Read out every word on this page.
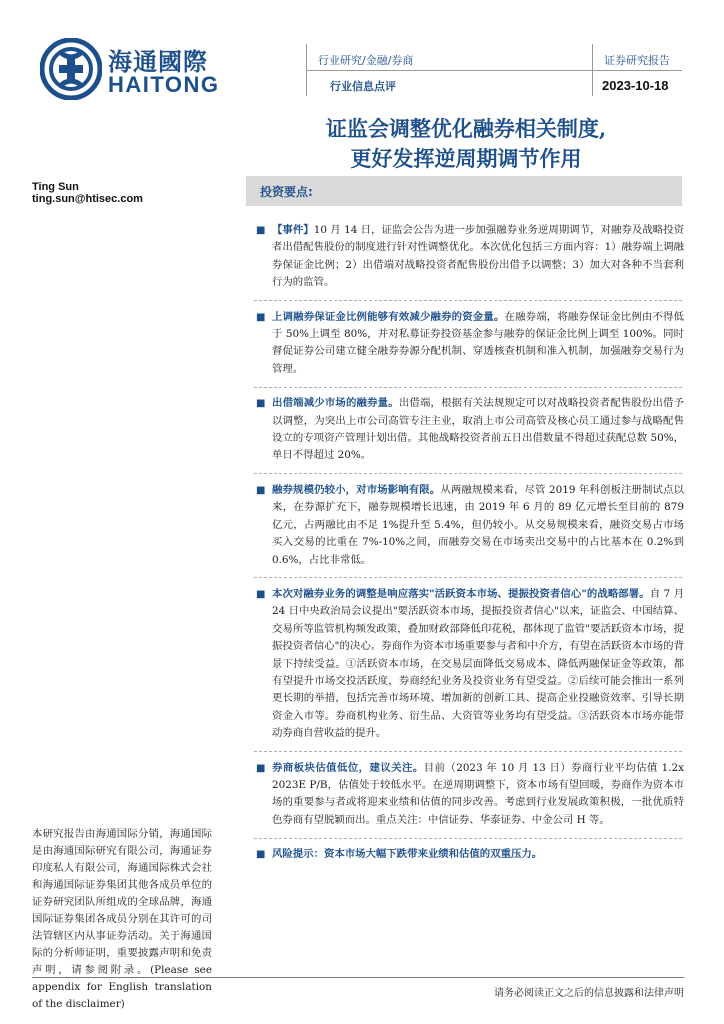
海通國際
HAITONG
行业研究/金融/券商
行业信息点评
证券研究报告
2023-10-18
证监会调整优化融券相关制度,
更好发挥逆周期调节作用
Ting Sun
ting.sun@htisec.com	投资要点:
■ 【事件】10 月 14 日，证监会公告为进一步加强融券业务逆周期调节，对融券及战略投资者出借配售股份的制度进行针对性调整优化。本次优化包括三方面内容：1）融券端上调融券保证金比例；2）出借端对战略投资者配售股份出借予以调整；3）加大对各种不当套利行为的监管。
■ 上调融券保证金比例能够有效减少融券的资金量。在融券端，将融券保证金比例由不得低于 50%上调至 80%，并对私募证券投资基金参与融券的保证金比例上调至 100%。同时督促证券公司建立健全融券券源分配机制、穿透核查机制和准入机制，加强融券交易行为管理。
■ 出借端减少市场的融券量。出借端，根据有关法规规定可以对战略投资者配售股份出借予以调整，为突出上市公司高管专注主业，取消上市公司高管及核心员工通过参与战略配售设立的专项资产管理计划出借。其他战略投资者前五日出借数量不得超过获配总数 50%，单日不得超过 20%。
■ 融券规模仍较小，对市场影响有限。从两融规模来看，尽管 2019 年科创板注册制试点以来，在券源扩充下，融券规模增长迅速，由 2019 年 6 月的 89 亿元增长至目前的 879 亿元，占两融比由不足 1%提升至 5.4%，但仍较小。从交易规模来看，融资交易占市场买入交易的比重在 7%-10%之间，而融券交易在市场卖出交易中的占比基本在 0.2%到 0.6%，占比非常低。
■ 本次对融券业务的调整是响应落实"活跃资本市场、提振投资者信心"的战略部署。自 7 月 24 日中央政治局会议提出"要活跃资本市场，提振投资者信心"以来，证监会、中国结算、交易所等监管机构频发政策，叠加财政部降低印花税，都体现了监管"要活跃资本市场，提振投资者信心"的决心。券商作为资本市场重要参与者和中介方，有望在活跃资本市场的背景下持续受益。①活跃资本市场，在交易层面降低交易成本、降低两融保证金等政策，都有望提升市场交投活跃度，券商经纪业务及投资业务有望受益。②后续可能会推出一系列更长期的举措，包括完善市场环境、增加新的创新工具、提高企业投融资效率、引导长期资金入市等。券商机构业务、衍生品、大资管等业务均有望受益。③活跃资本市场亦能带动券商自营收益的提升。
■ 券商板块估值低位，建议关注。目前（2023 年 10 月 13 日）券商行业平均估值 1.2x 2023E P/B，估值处于较低水平。在逆周期调整下，资本市场有望回暖，券商作为资本市场的重要参与者或将迎来业绩和估值的同步改善。考虑到行业发展政策积极，一批优质特色券商有望脱颖而出。重点关注：中信证券、华泰证券、中金公司 H 等。
■ 风险提示：资本市场大幅下跌带来业绩和估值的双重压力。
本研究报告由海通国际分销，海通国际是由海通国际研究有限公司，海通证券印度私人有限公司，海通国际株式会社和海通国际证券集团其他各成员单位的证券研究团队所组成的全球品牌，海通国际证券集团各成员分别在其许可的司法管辖区内从事证券活动。关于海通国际的分析师证明，重要披露声明和免责声明，请参阅附录。(Please see appendix for English translation of the disclaimer)
请务必阅读正文之后的信息披露和法律声明
